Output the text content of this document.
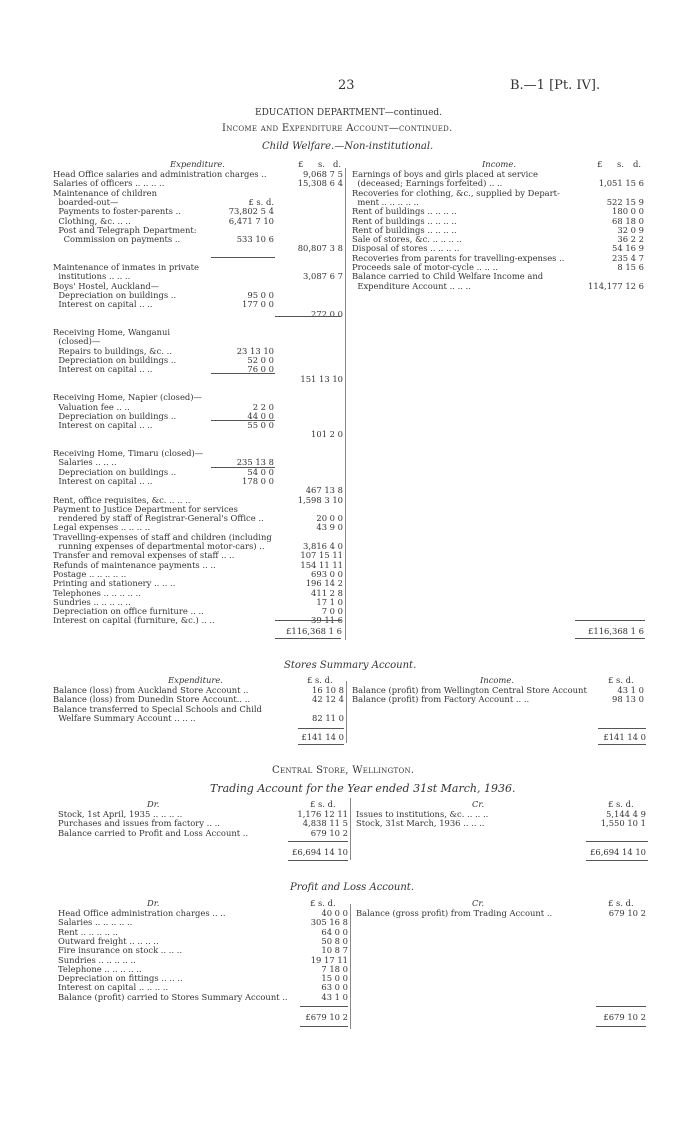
23	B.—1 [Pt. IV].
EDUCATION DEPARTMENT—continued.
Income and Expenditure Account—continued.
Child Welfare.—Non-institutional.
Expenditure.	£ s. d.	Income.	£ s. d.
Head Office salaries and administration charges ..	9,068 7 5
Salaries of officers .. .. .. ..	15,308 6 4
Maintenance of children
boarded-out—	£ s. d.
Payments to foster-parents ..	73,802 5 4
Clothing, &c. .. ..	6,471 7 10
Post and Telegraph Department:
Commission on payments ..	533 10 6
80,807 3 8
Maintenance of inmates in private
institutions .. .. ..	3,087 6 7
Boys' Hostel, Auckland—
Depreciation on buildings ..	95 0 0
Interest on capital .. ..	177 0 0
272 0 0
Receiving Home, Wanganui
(closed)—
Repairs to buildings, &c. ..	23 13 10
Depreciation on buildings ..	52 0 0
Interest on capital .. ..	76 0 0
151 13 10
Receiving Home, Napier (closed)—
Valuation fee .. ..	2 2 0
Depreciation on buildings ..	44 0 0
Interest on capital .. ..	55 0 0
101 2 0
Receiving Home, Timaru (closed)—
Salaries .. .. ..	235 13 8
Depreciation on buildings ..	54 0 0
Interest on capital .. ..	178 0 0
467 13 8
Rent, office requisites, &c. .. .. ..	1,598 3 10
Payment to Justice Department for services
rendered by staff of Registrar-General's Office ..	20 0 0
Legal expenses .. .. .. ..	43 9 0
Travelling-expenses of staff and children (including
running expenses of departmental motor-cars) ..	3,816 4 0
Transfer and removal expenses of staff .. ..	107 15 11
Refunds of maintenance payments .. ..	154 11 11
Postage .. .. .. .. ..	693 0 0
Printing and stationery .. .. ..	196 14 2
Telephones .. .. .. .. ..	411 2 8
Sundries .. .. .. .. ..	17 1 0
Depreciation on office furniture .. ..	7 0 0
Interest on capital (furniture, &c.) .. ..	39 11 6
£116,368 1 6
Earnings of boys and girls placed at service
(deceased; Earnings forfeited) .. ..	1,051 15 6
Recoveries for clothing, &c., supplied by Depart-
ment .. .. .. .. ..	522 15 9
Rent of buildings .. .. .. ..	180 0 0
Rent of buildings .. .. .. ..	68 18 0
Rent of buildings .. .. .. ..	32 0 9
Sale of stores, &c. .. .. .. ..	36 2 2
Disposal of stores .. .. .. ..	54 16 9
Recoveries from parents for travelling-expenses ..	235 4 7
Proceeds sale of motor-cycle .. .. ..	8 15 6
Balance carried to Child Welfare Income and
Expenditure Account .. .. ..	114,177 12 6
£116,368 1 6
Stores Summary Account.
Expenditure.	£ s. d.	Income.	£ s. d.
Balance (loss) from Auckland Store Account ..	16 10 8
Balance (loss) from Dunedin Store Account.. ..	42 12 4
Balance transferred to Special Schools and Child
Welfare Summary Account .. .. ..	82 11 0
Balance (profit) from Wellington Central Store Account	43 1 0
Balance (profit) from Factory Account .. ..	98 13 0
£141 14 0	£141 14 0
Central Store, Wellington.
Trading Account for the Year ended 31st March, 1936.
Dr.	£ s. d.	Cr.	£ s. d.
Stock, 1st April, 1935 .. .. .. ..	1,176 12 11
Purchases and issues from factory .. ..	4,838 11 5
Balance carried to Profit and Loss Account ..	679 10 2
Issues to institutions, &c. .. .. ..	5,144 4 9
Stock, 31st March, 1936 .. .. ..	1,550 10 1
£6,694 14 10	£6,694 14 10
Profit and Loss Account.
Dr.	£ s. d.	Cr.	£ s. d.
Head Office administration charges .. ..	40 0 0
Salaries .. .. .. .. ..	305 16 8
Rent .. .. .. .. ..	64 0 0
Outward freight .. .. .. ..	50 8 0
Fire insurance on stock .. .. ..	10 8 7
Sundries .. .. .. .. ..	19 17 11
Telephone .. .. .. .. ..	7 18 0
Depreciation on fittings .. .. ..	15 0 0
Interest on capital .. .. .. ..	63 0 0
Balance (profit) carried to Stores Summary Account ..	43 1 0
Balance (gross profit) from Trading Account ..	679 10 2
£679 10 2	£679 10 2
